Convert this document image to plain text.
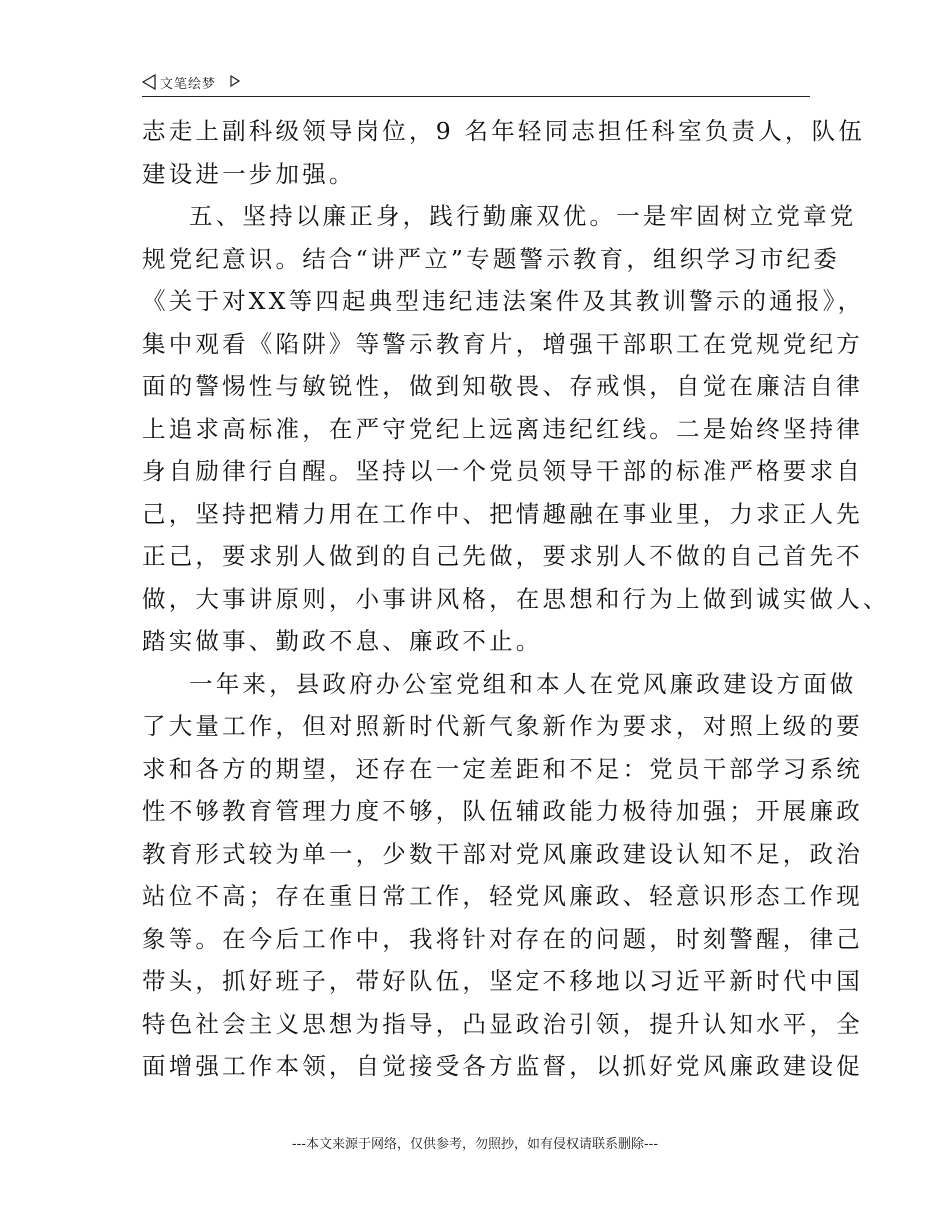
文笔绘梦
志走上副科级领导岗位，9 名年轻同志担任科室负责人，队伍
建设进一步加强。
五、坚持以廉正身，践行勤廉双优。一是牢固树立党章党
规党纪意识。结合“讲严立”专题警示教育，组织学习市纪委
《关于对XX等四起典型违纪违法案件及其教训警示的通报》，
集中观看《陷阱》等警示教育片，增强干部职工在党规党纪方
面的警惕性与敏锐性，做到知敬畏、存戒惧，自觉在廉洁自律
上追求高标准，在严守党纪上远离违纪红线。二是始终坚持律
身自励律行自醒。坚持以一个党员领导干部的标准严格要求自
己，坚持把精力用在工作中、把情趣融在事业里，力求正人先
正己，要求别人做到的自己先做，要求别人不做的自己首先不
做，大事讲原则，小事讲风格，在思想和行为上做到诚实做人、
踏实做事、勤政不息、廉政不止。
一年来，县政府办公室党组和本人在党风廉政建设方面做
了大量工作，但对照新时代新气象新作为要求，对照上级的要
求和各方的期望，还存在一定差距和不足：党员干部学习系统
性不够教育管理力度不够，队伍辅政能力极待加强；开展廉政
教育形式较为单一，少数干部对党风廉政建设认知不足，政治
站位不高；存在重日常工作，轻党风廉政、轻意识形态工作现
象等。在今后工作中，我将针对存在的问题，时刻警醒，律己
带头，抓好班子，带好队伍，坚定不移地以习近平新时代中国
特色社会主义思想为指导，凸显政治引领，提升认知水平，全
面增强工作本领，自觉接受各方监督，以抓好党风廉政建设促
---本文来源于网络，仅供参考，勿照抄，如有侵权请联系删除---
